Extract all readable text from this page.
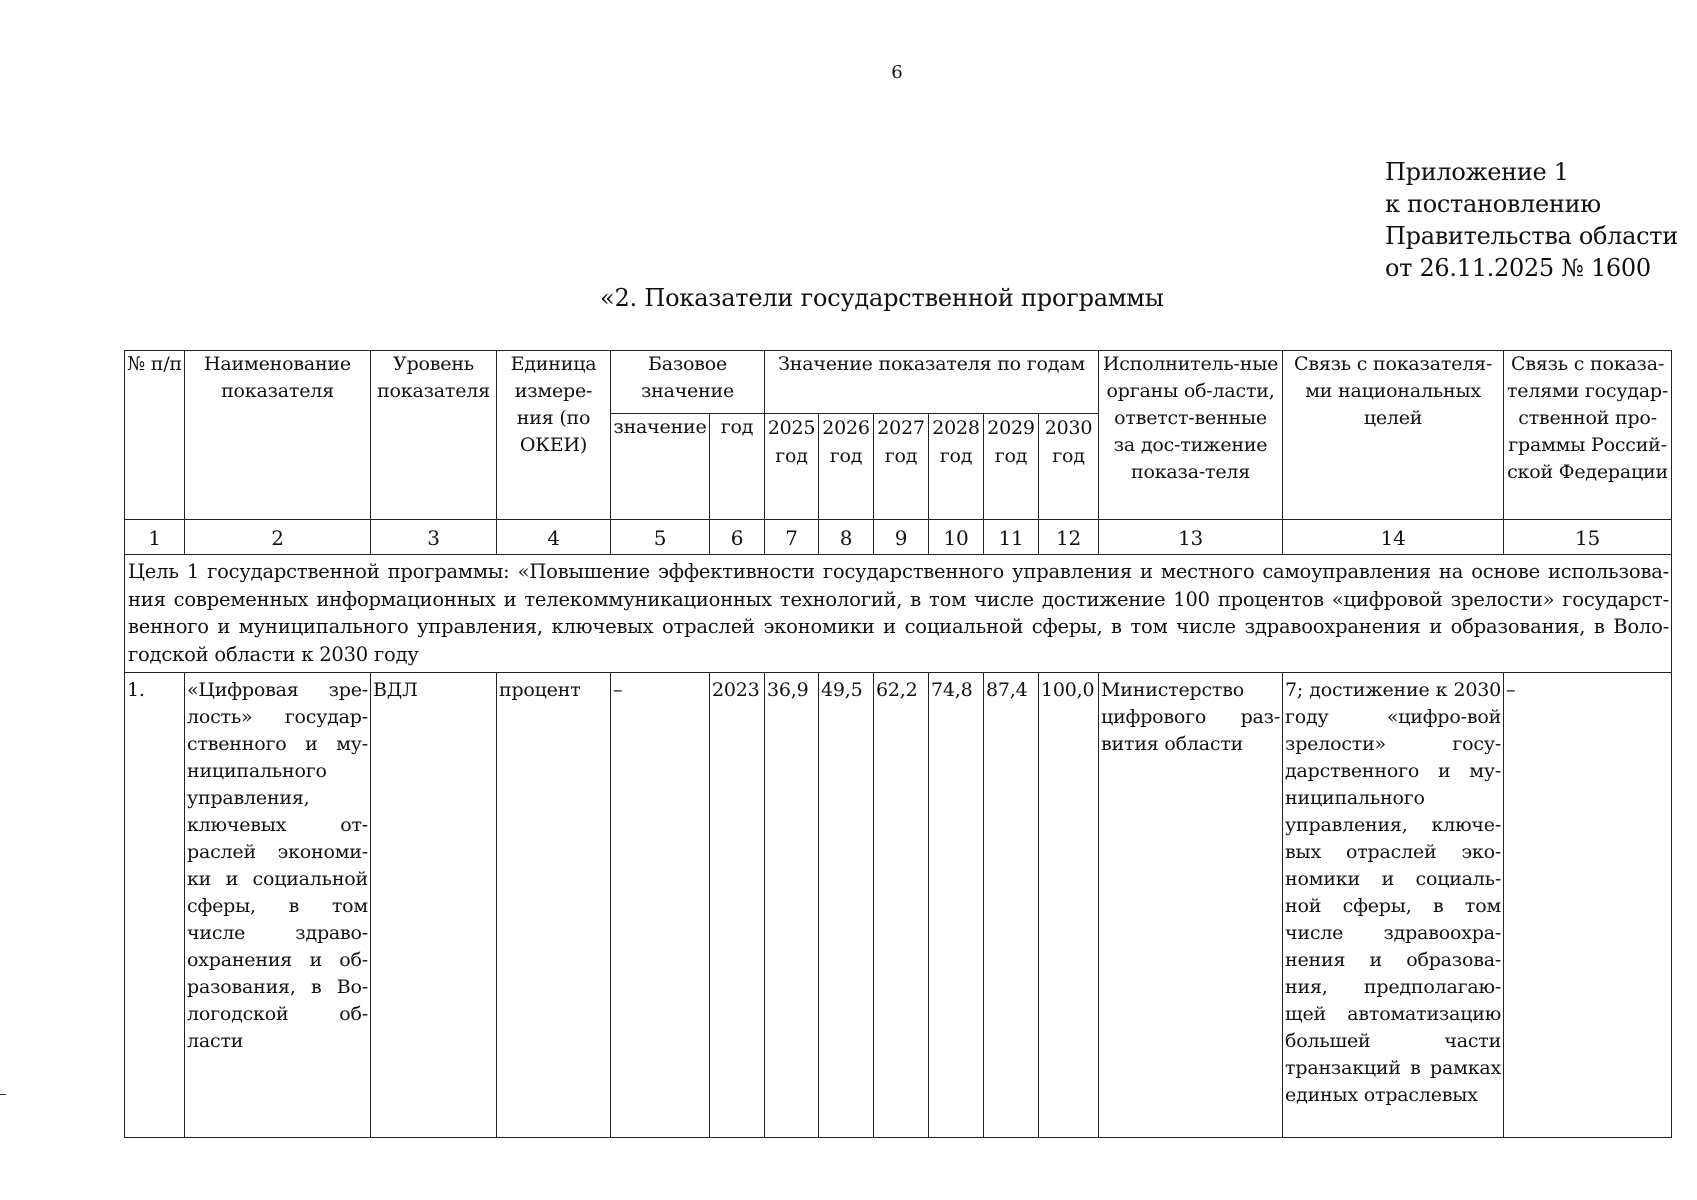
6
Приложение 1
к постановлению
Правительства области
от 26.11.2025 № 1600
«2. Показатели государственной программы
№ п/п	Наименование показателя	Уровень показателя	Единица измере-ния (по ОКЕИ)	Базовое значение		Значение показателя по годам						Исполнитель-ные органы об-ласти, ответст-венные за дос-тижение показа-теля	Связь с показателя-ми национальных целей	Связь с показа-телями государ-ственной про-граммы Россий-ской Федерации
				значение	год	2025 год	2026 год	2027 год	2028 год	2029 год	2030 год			
1	2	3	4	5	6	7	8	9	10	11	12	13	14	15
Цель 1 государственной программы: «Повышение эффективности государственного управления и местного самоуправления на основе использова-ния современных информационных и телекоммуникационных технологий, в том числе достижение 100 процентов «цифровой зрелости» государст-венного и муниципального управления, ключевых отраслей экономики и социальной сферы, в том числе здравоохранения и образования, в Воло-годской области к 2030 году														
1.	«Цифровая зре-лость» государ-ственного и му-ниципального управления, ключевых от-раслей экономи-ки и социальной сферы, в том числе здраво-охранения и об-разования, в Во-логодской об-ласти	ВДЛ	процент	–	2023	36,9	49,5	62,2	74,8	87,4	100,0	Министерство цифрового раз-вития области	7; достижение к 2030 году «цифро-вой зрелости» госу-дарственного и му-ниципального управления, ключе-вых отраслей эко-номики и социаль-ной сферы, в том числе здравоохра-нения и образова-ния, предполагаю-щей автоматизацию большей части транзакций в рамках единых отраслевых	–
